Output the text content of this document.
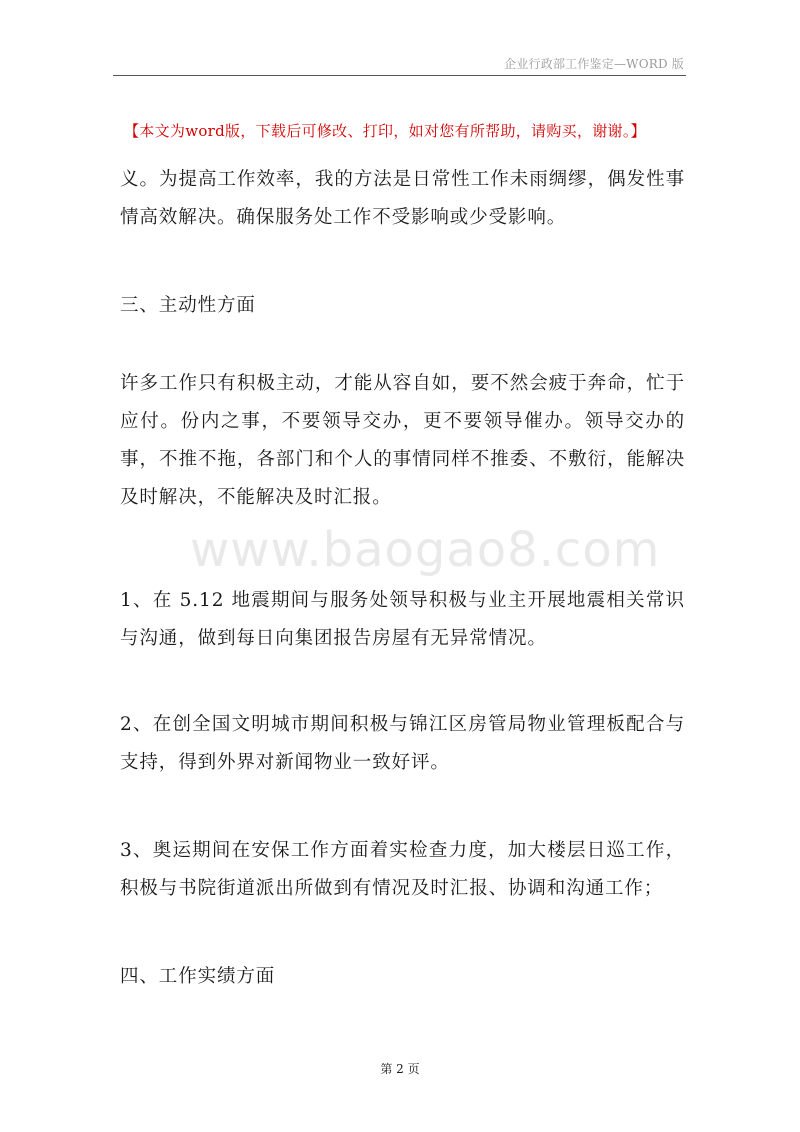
企业行政部工作鉴定—WORD 版
【本文为word版，下载后可修改、打印，如对您有所帮助，请购买，谢谢。】
义。为提高工作效率，我的方法是日常性工作未雨绸缪，偶发性事情高效解决。确保服务处工作不受影响或少受影响。
三、主动性方面
许多工作只有积极主动，才能从容自如，要不然会疲于奔命，忙于应付。份内之事，不要领导交办，更不要领导催办。领导交办的事，不推不拖，各部门和个人的事情同样不推委、不敷衍，能解决及时解决，不能解决及时汇报。
www.baogao8.com
1、在 5.12 地震期间与服务处领导积极与业主开展地震相关常识与沟通，做到每日向集团报告房屋有无异常情况。
2、在创全国文明城市期间积极与锦江区房管局物业管理板配合与支持，得到外界对新闻物业一致好评。
3、奥运期间在安保工作方面着实检查力度，加大楼层日巡工作，积极与书院街道派出所做到有情况及时汇报、协调和沟通工作；
四、工作实绩方面
第 2 页
